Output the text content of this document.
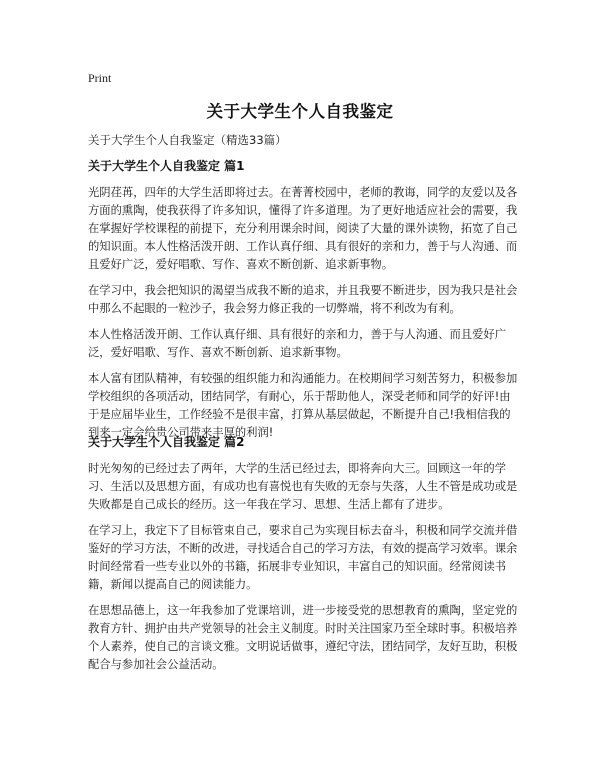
Print
关于大学生个人自我鉴定

关于大学生个人自我鉴定（精选33篇）

关于大学生个人自我鉴定 篇1

光阴荏苒，四年的大学生活即将过去。在菁菁校园中，老师的教诲，同学的友爱以及各方面的熏陶，使我获得了许多知识，懂得了许多道理。为了更好地适应社会的需要，我在掌握好学校课程的前提下，充分利用课余时间，阅读了大量的课外读物，拓宽了自己的知识面。本人性格活泼开朗、工作认真仔细、具有很好的亲和力，善于与人沟通、而且爱好广泛，爱好唱歌、写作、喜欢不断创新、追求新事物。

在学习中，我会把知识的渴望当成我不断的追求，并且我要不断进步，因为我只是社会中那么不起眼的一粒沙子，我会努力修正我的一切弊端，将不利改为有利。

本人性格活泼开朗、工作认真仔细、具有很好的亲和力，善于与人沟通、而且爱好广泛，爱好唱歌、写作、喜欢不断创新、追求新事物。

本人富有团队精神，有较强的组织能力和沟通能力。在校期间学习刻苦努力，积极参加学校组织的各项活动，团结同学，有耐心，乐于帮助他人，深受老师和同学的好评!由于是应届毕业生，工作经验不是很丰富，打算从基层做起，不断提升自己!我相信我的到来一定会给贵公司带来丰厚的利润!

关于大学生个人自我鉴定 篇2

时光匆匆的已经过去了两年，大学的生活已经过去，即将奔向大三。回顾这一年的学习、生活以及思想方面，有成功也有喜悦也有失败的无奈与失落，人生不管是成功或是失败都是自己成长的经历。这一年我在学习、思想、生活上都有了进步。

在学习上，我定下了目标管束自己，要求自己为实现目标去奋斗，积极和同学交流并借鉴好的学习方法，不断的改进，寻找适合自己的学习方法，有效的提高学习效率。课余时间经常看一些专业以外的书籍，拓展非专业知识，丰富自己的知识面。经常阅读书籍，新闻以提高自己的阅读能力。

在思想品德上，这一年我参加了党课培训，进一步接受党的思想教育的熏陶，坚定党的教育方针、拥护由共产党领导的社会主义制度。时时关注国家乃至全球时事。积极培养个人素养，使自己的言谈文雅。文明说话做事，遵纪守法，团结同学，友好互助，积极配合与参加社会公益活动。
